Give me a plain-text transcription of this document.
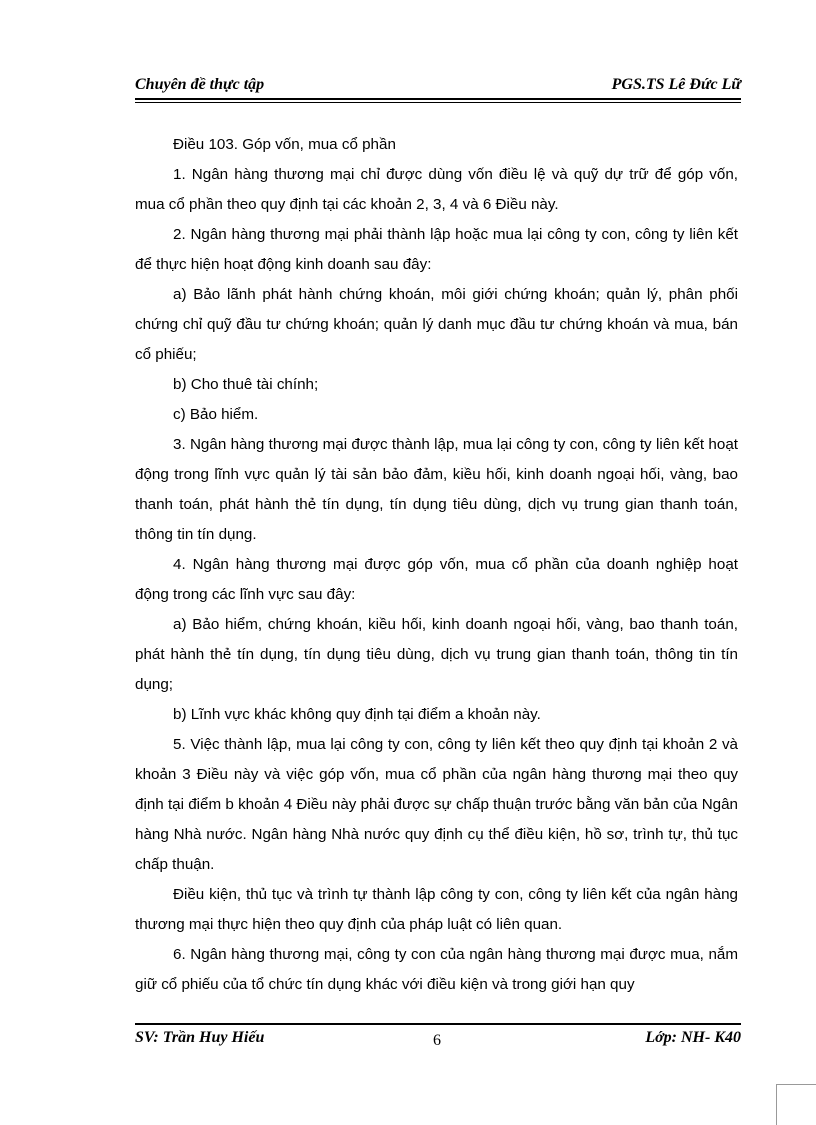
Chuyên đề thực tập	PGS.TS Lê Đức Lữ

Điều 103. Góp vốn, mua cổ phần

1. Ngân hàng thương mại chỉ được dùng vốn điều lệ và quỹ dự trữ để góp vốn, mua cổ phần theo quy định tại các khoản 2, 3, 4 và 6 Điều này.

2. Ngân hàng thương mại phải thành lập hoặc mua lại công ty con, công ty liên kết để thực hiện hoạt động kinh doanh sau đây:

a) Bảo lãnh phát hành chứng khoán, môi giới chứng khoán; quản lý, phân phối chứng chỉ quỹ đầu tư chứng khoán; quản lý danh mục đầu tư chứng khoán và mua, bán cổ phiếu;

b) Cho thuê tài chính;

c) Bảo hiểm.

3. Ngân hàng thương mại được thành lập, mua lại công ty con, công ty liên kết hoạt động trong lĩnh vực quản lý tài sản bảo đảm, kiều hối, kinh doanh ngoại hối, vàng, bao thanh toán, phát hành thẻ tín dụng, tín dụng tiêu dùng, dịch vụ trung gian thanh toán, thông tin tín dụng.

4. Ngân hàng thương mại được góp vốn, mua cổ phần của doanh nghiệp hoạt động trong các lĩnh vực sau đây:

a) Bảo hiểm, chứng khoán, kiều hối, kinh doanh ngoại hối, vàng, bao thanh toán, phát hành thẻ tín dụng, tín dụng tiêu dùng, dịch vụ trung gian thanh toán, thông tin tín dụng;

b) Lĩnh vực khác không quy định tại điểm a khoản này.

5. Việc thành lập, mua lại công ty con, công ty liên kết theo quy định tại khoản 2 và khoản 3 Điều này và việc góp vốn, mua cổ phần của ngân hàng thương mại theo quy định tại điểm b khoản 4 Điều này phải được sự chấp thuận trước bằng văn bản của Ngân hàng Nhà nước. Ngân hàng Nhà nước quy định cụ thể điều kiện, hồ sơ, trình tự, thủ tục chấp thuận.

Điều kiện, thủ tục và trình tự thành lập công ty con, công ty liên kết của ngân hàng thương mại thực hiện theo quy định của pháp luật có liên quan.

6. Ngân hàng thương mại, công ty con của ngân hàng thương mại được mua, nắm giữ cổ phiếu của tổ chức tín dụng khác với điều kiện và trong giới hạn quy

SV: Trần Huy Hiếu	6	Lớp: NH- K40
